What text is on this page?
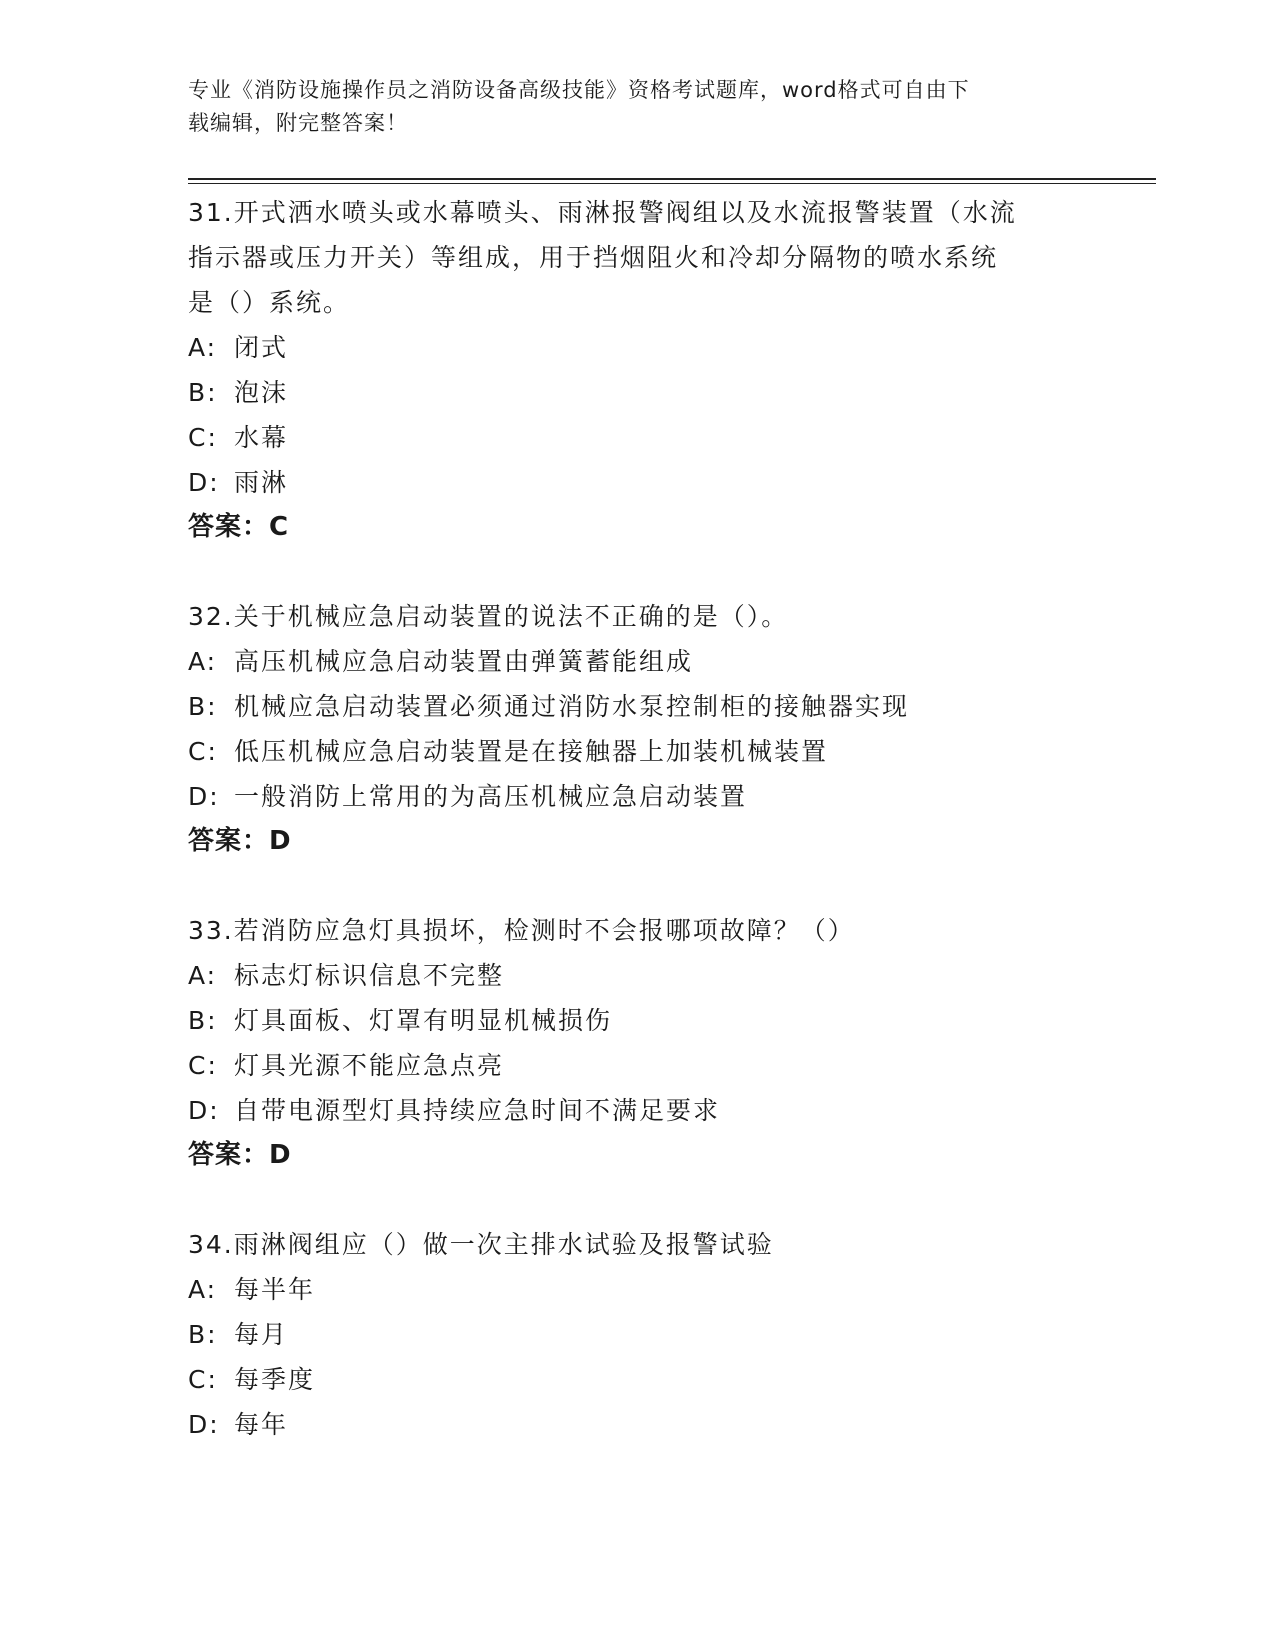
专业《消防设施操作员之消防设备高级技能》资格考试题库，word格式可自由下
载编辑，附完整答案！
31.开式洒水喷头或水幕喷头、雨淋报警阀组以及水流报警装置（水流
指示器或压力开关）等组成，用于挡烟阻火和冷却分隔物的喷水系统
是（）系统。
A: 闭式
B: 泡沫
C: 水幕
D: 雨淋
答案：C
32.关于机械应急启动装置的说法不正确的是（）。
A: 高压机械应急启动装置由弹簧蓄能组成
B: 机械应急启动装置必须通过消防水泵控制柜的接触器实现
C: 低压机械应急启动装置是在接触器上加装机械装置
D: 一般消防上常用的为高压机械应急启动装置
答案：D
33.若消防应急灯具损坏，检测时不会报哪项故障？（）
A: 标志灯标识信息不完整
B: 灯具面板、灯罩有明显机械损伤
C: 灯具光源不能应急点亮
D: 自带电源型灯具持续应急时间不满足要求
答案：D
34.雨淋阀组应（）做一次主排水试验及报警试验
A: 每半年
B: 每月
C: 每季度
D: 每年
